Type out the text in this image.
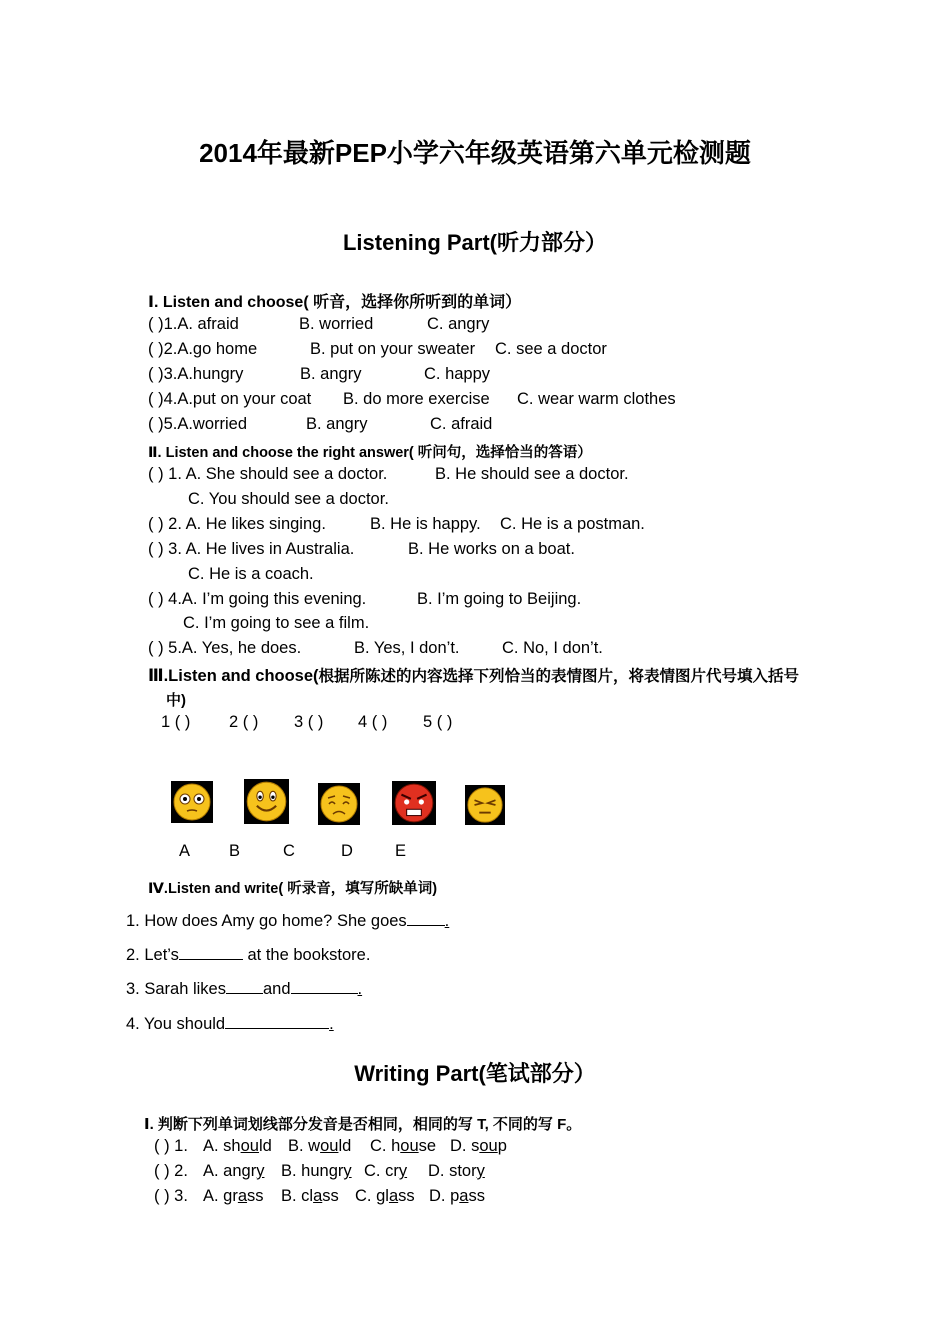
2014年最新PEP小学六年级英语第六单元检测题
Listening Part(听力部分）
Ⅰ. Listen and choose( 听音，选择你所听到的单词）
( )1.A. afraid	B. worried	C. angry
( )2.A.go home	B. put on your sweater C. see a doctor
( )3.A.hungry	B. angry	C. happy
( )4.A.put on your coat B. do more exercise C. wear warm clothes
( )5.A.worried	B. angry	C. afraid
Ⅱ. Listen and choose the right answer( 听问句，选择恰当的答语）
( ) 1. A. She should see a doctor.	B. He should see a doctor.
C. You should see a doctor.
( ) 2. A. He likes singing.	B. He is happy. C. He is a postman.
( ) 3. A. He lives in Australia.	B. He works on a boat.
C. He is a coach.
( ) 4.A. I’m going this evening.	B. I’m going to Beijing.
C. I’m going to see a film.
( ) 5.A. Yes, he does.	B. Yes, I don’t.	C. No, I don’t.
Ⅲ.Listen and choose(根据所陈述的内容选择下列恰当的表情图片，将表情图片代号填入括号
中)
1 ( ) 2 ( ) 3 ( ) 4 ( ) 5 ( )
A B	C	D	E
Ⅳ.Listen and write( 听录音，填写所缺单词)
1. How does Amy go home? She goes .
2. Let’s	at the bookstore.
3. Sarah likes and	.
4. You should	.
Writing Part(笔试部分）
Ⅰ. 判断下列单词划线部分发音是否相同，相同的写 T, 不同的写 F。
( ) 1. A. should B. would C. house D. soup
( ) 2. A. angry B. hungry C. cry D. story
( ) 3. A. grass B. class C. glass D. pass
